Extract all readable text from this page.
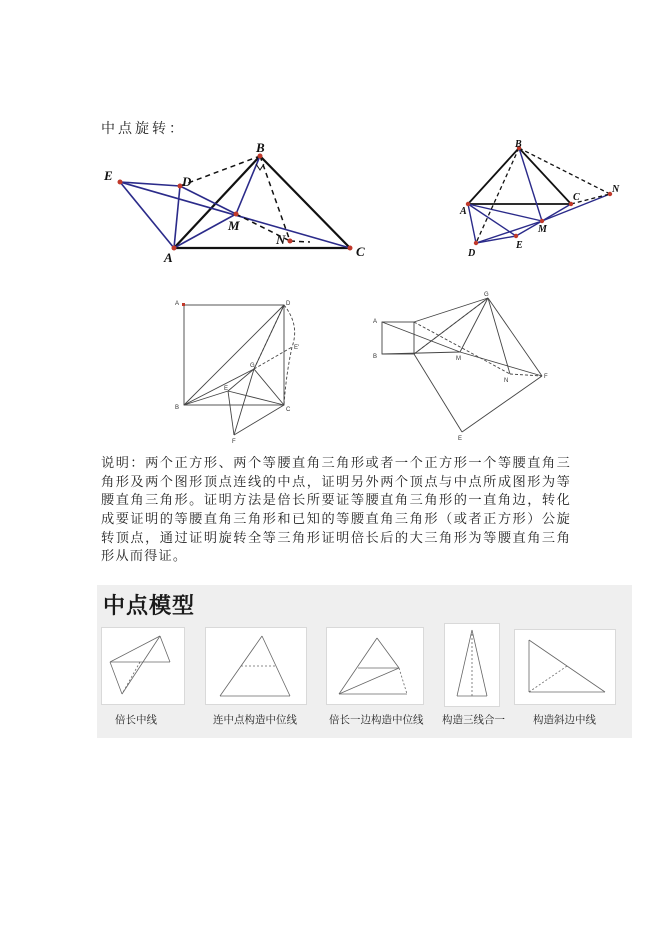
中点旋转：
E	D
B
M
N
A	C
B
C
N
A
M
D
E
A	D
E'
G
E
B	C
F
G
A
B	M
N
F
E

说明：两个正方形、两个等腰直角三角形或者一个正方形一个等腰直角三角形及两个图形顶点连线的中点，证明另外两个顶点与中点所成图形为等腰直角三角形。证明方法是倍长所要证等腰直角三角形的一直角边，转化成要证明的等腰直角三角形和已知的等腰直角三角形（或者正方形）公旋转顶点，通过证明旋转全等三角形证明倍长后的大三角形为等腰直角三角形从而得证。

中点模型
倍长中线	连中点构造中位线	倍长一边构造中位线 构造三线合一	构造斜边中线
